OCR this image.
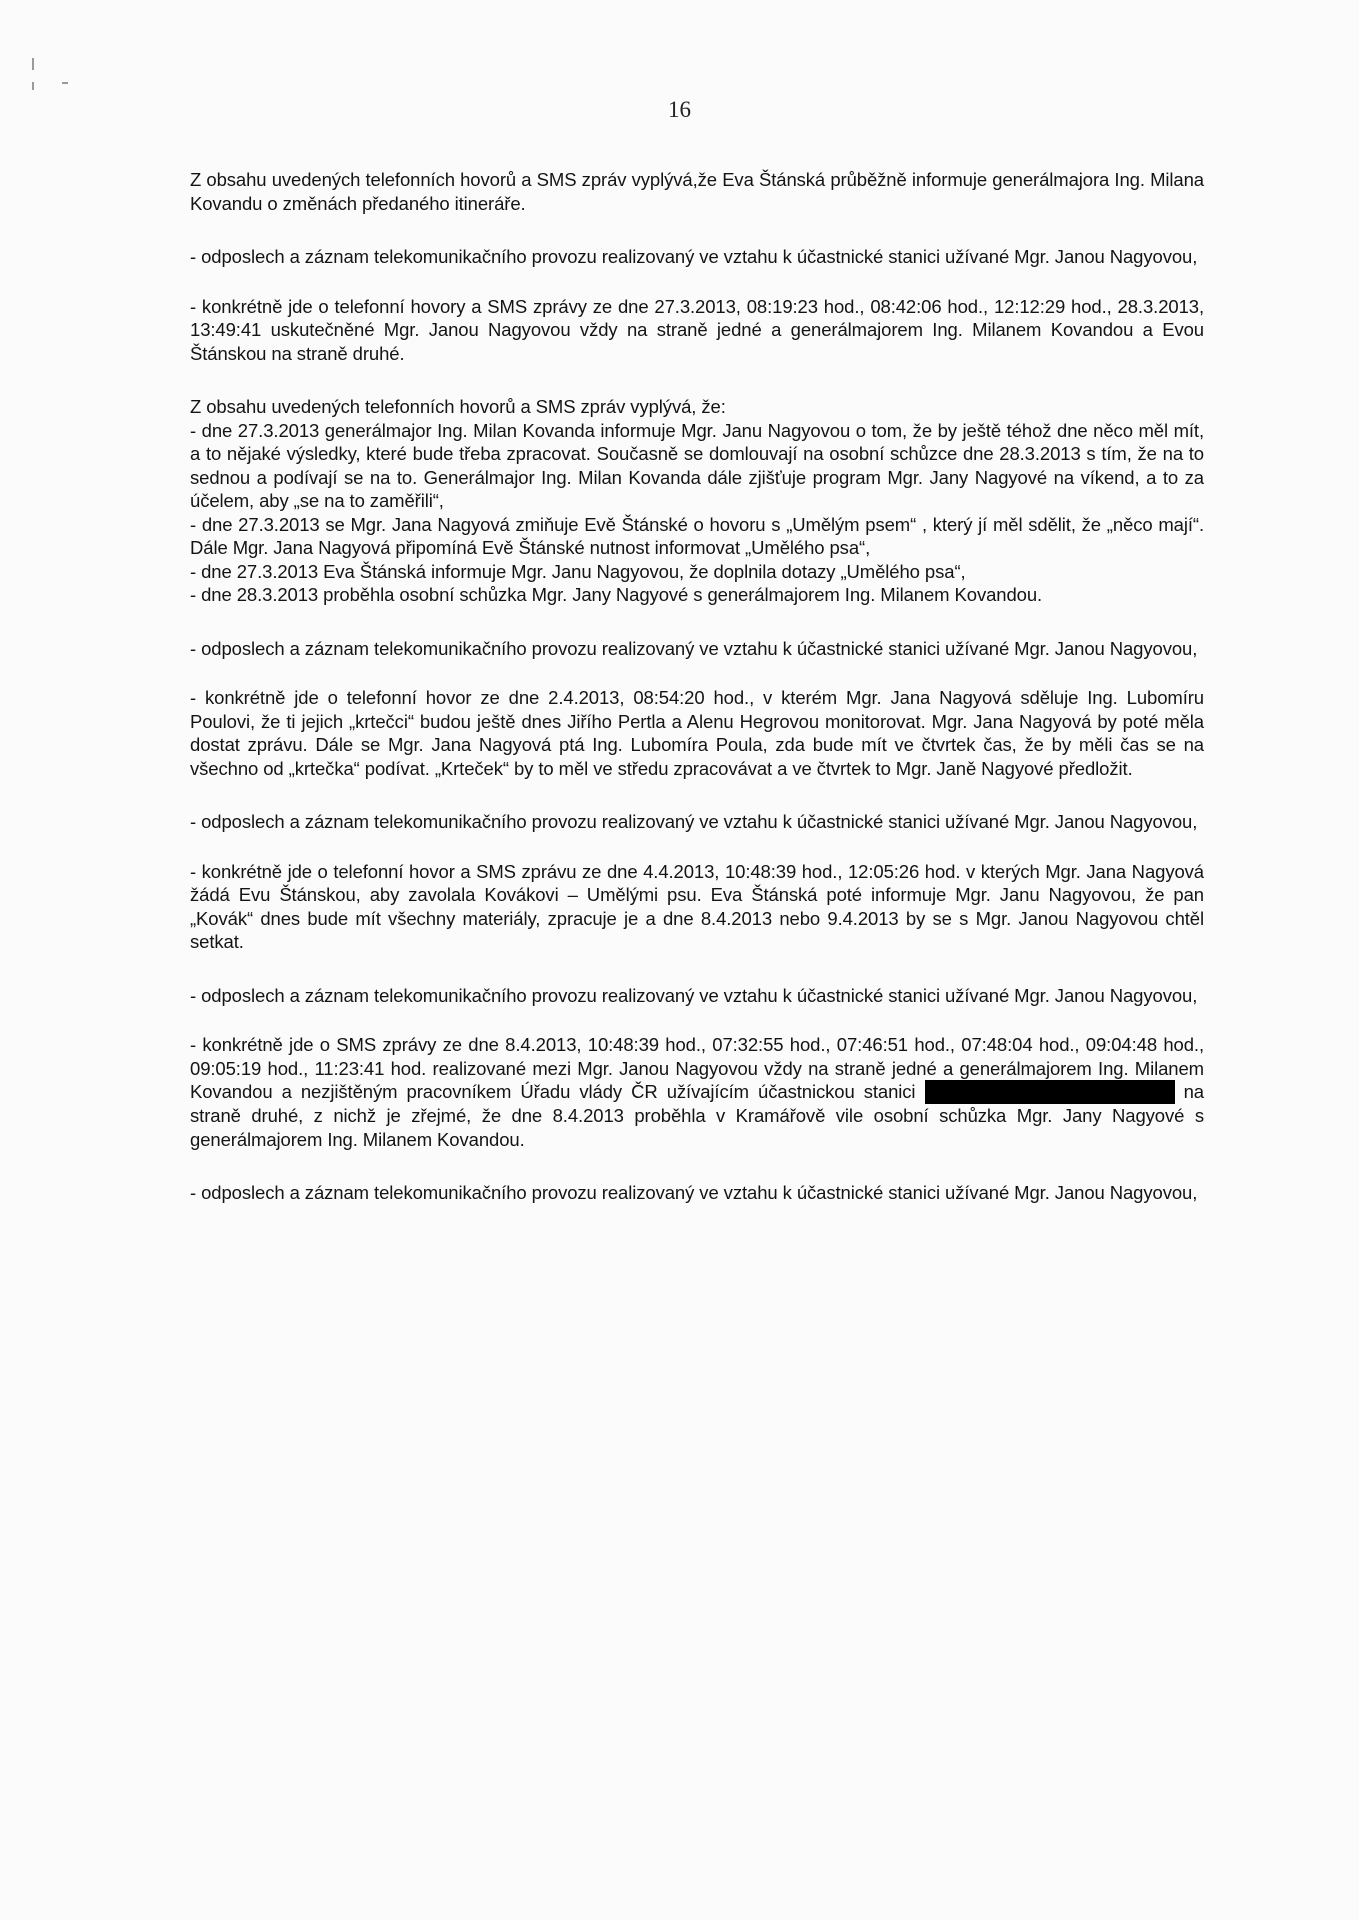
16

Z obsahu uvedených telefonních hovorů a SMS zpráv vyplývá,že Eva Štánská průběžně informuje generálmajora Ing. Milana Kovandu o změnách předaného itineráře.

- odposlech a záznam telekomunikačního provozu realizovaný ve vztahu k účastnické stanici užívané Mgr. Janou Nagyovou,

- konkrétně jde o telefonní hovory a SMS zprávy ze dne 27.3.2013, 08:19:23 hod., 08:42:06 hod., 12:12:29 hod., 28.3.2013, 13:49:41 uskutečněné Mgr. Janou Nagyovou vždy na straně jedné a generálmajorem Ing. Milanem Kovandou a Evou Štánskou na straně druhé.

Z obsahu uvedených telefonních hovorů a SMS zpráv vyplývá, že:

- dne 27.3.2013 generálmajor Ing. Milan Kovanda informuje Mgr. Janu Nagyovou o tom, že by ještě téhož dne něco měl mít, a to nějaké výsledky, které bude třeba zpracovat. Současně se domlouvají na osobní schůzce dne 28.3.2013 s tím, že na to sednou a podívají se na to. Generálmajor Ing. Milan Kovanda dále zjišťuje program Mgr. Jany Nagyové na víkend, a to za účelem, aby „se na to zaměřili“,

- dne 27.3.2013 se Mgr. Jana Nagyová zmiňuje Evě Štánské o hovoru s „Umělým psem“ , který jí měl sdělit, že „něco mají“. Dále Mgr. Jana Nagyová připomíná Evě Štánské nutnost informovat „Umělého psa“,

- dne 27.3.2013 Eva Štánská informuje Mgr. Janu Nagyovou, že doplnila dotazy „Umělého psa“,

- dne 28.3.2013 proběhla osobní schůzka Mgr. Jany Nagyové s generálmajorem Ing. Milanem Kovandou.

- odposlech a záznam telekomunikačního provozu realizovaný ve vztahu k účastnické stanici užívané Mgr. Janou Nagyovou,

- konkrétně jde o telefonní hovor ze dne 2.4.2013, 08:54:20 hod., v kterém Mgr. Jana Nagyová sděluje Ing. Lubomíru Poulovi, že ti jejich „krtečci“ budou ještě dnes Jiřího Pertla a Alenu Hegrovou monitorovat. Mgr. Jana Nagyová by poté měla dostat zprávu. Dále se Mgr. Jana Nagyová ptá Ing. Lubomíra Poula, zda bude mít ve čtvrtek čas, že by měli čas se na všechno od „krtečka“ podívat. „Krteček“ by to měl ve středu zpracovávat a ve čtvrtek to Mgr. Janě Nagyové předložit.

- odposlech a záznam telekomunikačního provozu realizovaný ve vztahu k účastnické stanici užívané Mgr. Janou Nagyovou,

- konkrétně jde o telefonní hovor a SMS zprávu ze dne 4.4.2013, 10:48:39 hod., 12:05:26 hod. v kterých Mgr. Jana Nagyová žádá Evu Štánskou, aby zavolala Kovákovi – Umělými psu. Eva Štánská poté informuje Mgr. Janu Nagyovou, že pan „Kovák“ dnes bude mít všechny materiály, zpracuje je a dne 8.4.2013 nebo 9.4.2013 by se s Mgr. Janou Nagyovou chtěl setkat.

- odposlech a záznam telekomunikačního provozu realizovaný ve vztahu k účastnické stanici užívané Mgr. Janou Nagyovou,

- konkrétně jde o SMS zprávy ze dne 8.4.2013, 10:48:39 hod., 07:32:55 hod., 07:46:51 hod., 07:48:04 hod., 09:04:48 hod., 09:05:19 hod., 11:23:41 hod. realizované mezi Mgr. Janou Nagyovou vždy na straně jedné a generálmajorem Ing. Milanem Kovandou a nezjištěným pracovníkem Úřadu vlády ČR užívajícím účastnickou stanici	na straně druhé, z nichž je zřejmé, že dne 8.4.2013 proběhla v Kramářově vile osobní schůzka Mgr. Jany Nagyové s generálmajorem Ing. Milanem Kovandou.

- odposlech a záznam telekomunikačního provozu realizovaný ve vztahu k účastnické stanici užívané Mgr. Janou Nagyovou,
